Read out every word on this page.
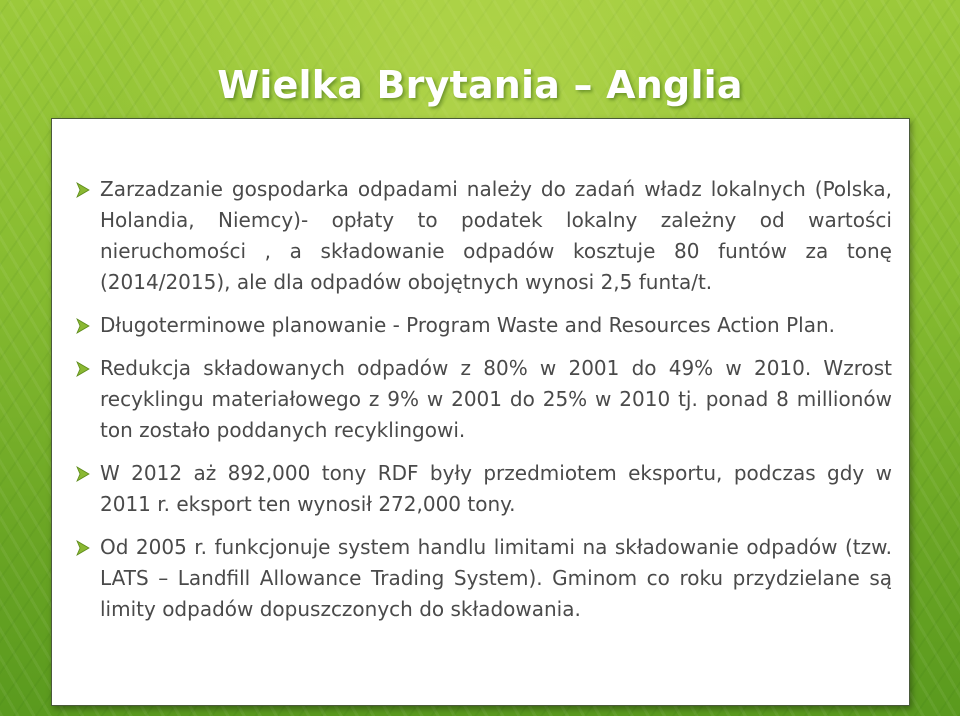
Wielka Brytania – Anglia
Zarzadzanie gospodarka odpadami należy do zadań władz lokalnych (Polska, Holandia, Niemcy)- opłaty to podatek lokalny zależny od wartości nieruchomości , a składowanie odpadów kosztuje 80 funtów za tonę (2014/2015), ale dla odpadów obojętnych wynosi 2,5 funta/t.
Długoterminowe planowanie - Program Waste and Resources Action Plan.
Redukcja składowanych odpadów z 80% w 2001 do 49% w 2010. Wzrost recyklingu materiałowego z 9% w 2001 do 25% w 2010 tj. ponad 8 millionów ton zostało poddanych recyklingowi.
W 2012 aż 892,000 tony RDF były przedmiotem eksportu, podczas gdy w 2011 r. eksport ten wynosił 272,000 tony.
Od 2005 r. funkcjonuje system handlu limitami na składowanie odpadów (tzw. LATS – Landfill Allowance Trading System). Gminom co roku przydzielane są limity odpadów dopuszczonych do składowania.
